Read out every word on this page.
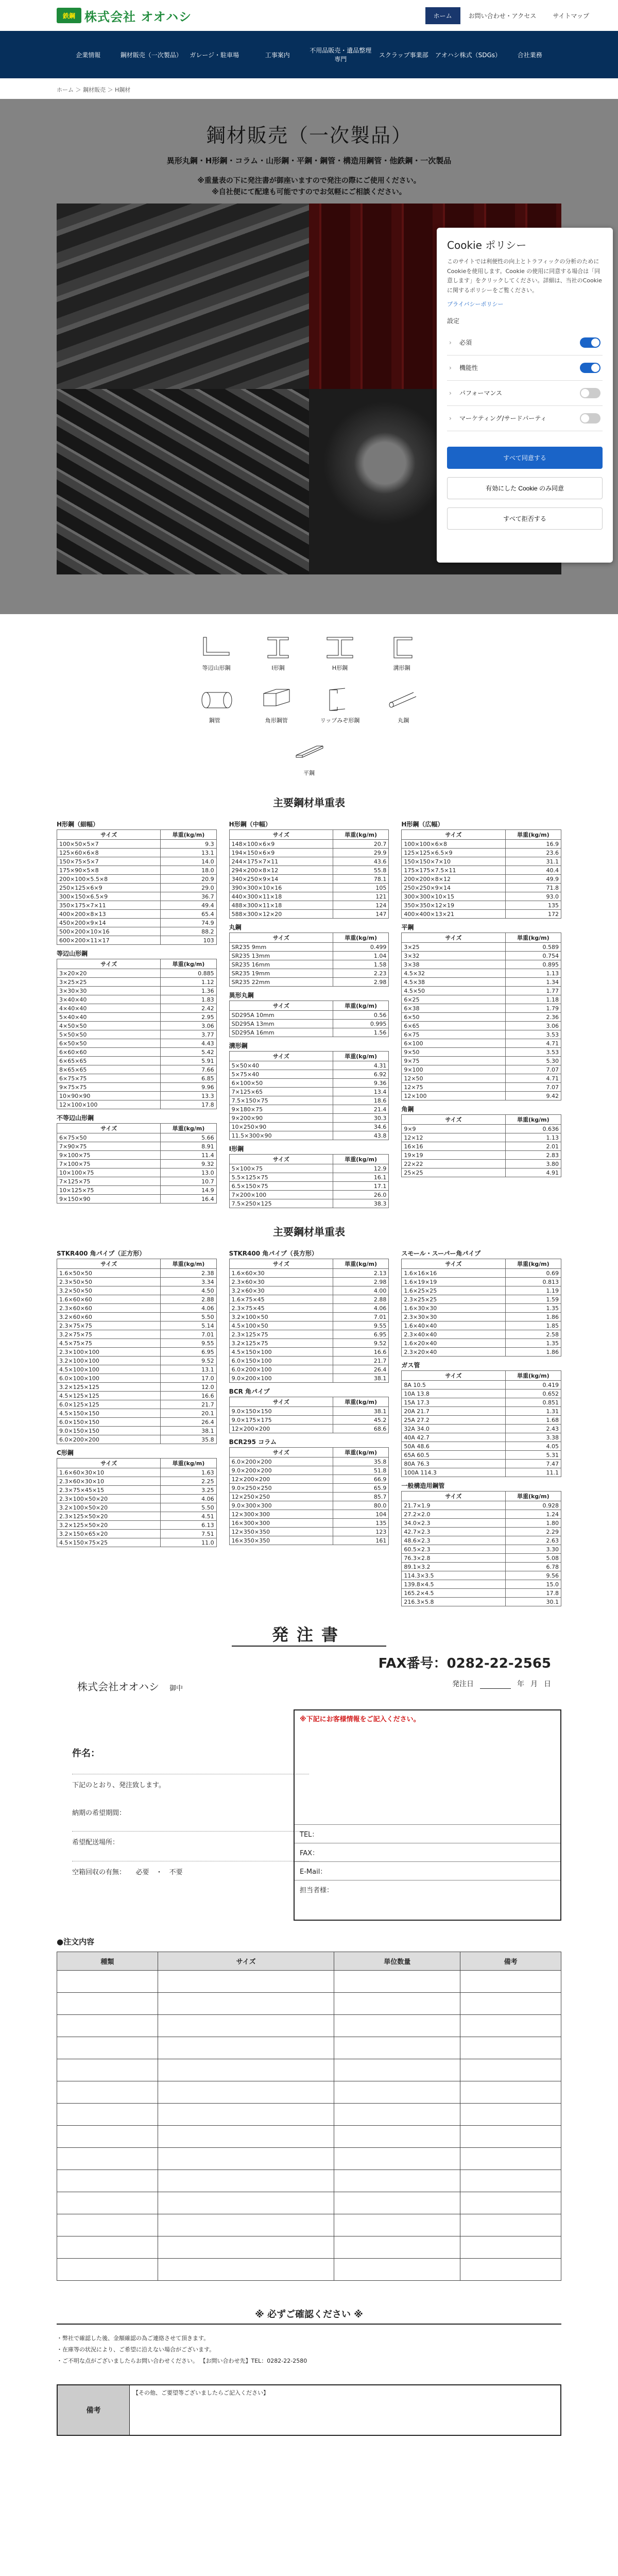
鉄鋼 株式会社 オオハシ	ホーム	お問い合わせ・アクセス	サイトマップ
企業情報	鋼材販売（一次製品）	ガレージ・駐車場	工事案内
不用品販売・遺品整理専門
スクラップ事業部	アオハシ株式（SDGs）	合社業務
ホーム ＞ 鋼材販売 ＞ H鋼材
鋼材販売（一次製品）
異形丸鋼・H形鋼・コラム・山形鋼・平鋼・鋼管・構造用鋼管・他鉄鋼・一次製品
※重量表の下に発注書が御座いますので発注の際にご使用ください。
※自社便にて配達も可能ですのでお気軽にご相談ください。
Cookie ポリシー

このサイトでは利便性の向上とトラフィックの分析のためにCookieを使用します。Cookie の使用に同意する場合は「同意します」をクリックしてください。詳細は、当社のCookieに関するポリシーをご覧ください。

プライバシーポリシー
設定
›	必須
›	機能性
›	パフォーマンス
›	マーケティング/サードパーティ
すべて同意する
有効にした Cookie のみ同意
すべて拒否する
等辺山形鋼	I形鋼	H形鋼	溝形鋼
鋼管	角形鋼管	リップみぞ形鋼	丸鋼
平鋼
主要鋼材単重表
H形鋼（細幅）
サイズ	単重(kg/m)
100×50×5×7	9.3
125×60×6×8	13.1
150×75×5×7	14.0
175×90×5×8	18.0
200×100×5.5×8	20.9
250×125×6×9	29.0
300×150×6.5×9	36.7
350×175×7×11	49.4
400×200×8×13	65.4
450×200×9×14	74.9
500×200×10×16	88.2
600×200×11×17	103
等辺山形鋼
サイズ	単重(kg/m)
3×20×20	0.885
3×25×25	1.12
3×30×30	1.36
3×40×40	1.83
4×40×40	2.42
5×40×40	2.95
4×50×50	3.06
5×50×50	3.77
6×50×50	4.43
6×60×60	5.42
6×65×65	5.91
8×65×65	7.66
6×75×75	6.85
9×75×75	9.96
10×90×90	13.3
12×100×100	17.8
不等辺山形鋼
サイズ	単重(kg/m)
6×75×50	5.66
7×90×75	8.91
9×100×75	11.4
7×100×75	9.32
10×100×75	13.0
7×125×75	10.7
10×125×75	14.9
9×150×90	16.4
H形鋼（中幅）
サイズ	単重(kg/m)
148×100×6×9	20.7
194×150×6×9	29.9
244×175×7×11	43.6
294×200×8×12	55.8
340×250×9×14	78.1
390×300×10×16	105
440×300×11×18	121
488×300×11×18	124
588×300×12×20	147
丸鋼
サイズ	単重(kg/m)
SR235 9mm	0.499
SR235 13mm	1.04
SR235 16mm	1.58
SR235 19mm	2.23
SR235 22mm	2.98
異形丸鋼
サイズ	単重(kg/m)
SD295A 10mm	0.56
SD295A 13mm	0.995
SD295A 16mm	1.56
溝形鋼
サイズ	単重(kg/m)
5×50×40	4.31
5×75×40	6.92
6×100×50	9.36
7×125×65	13.4
7.5×150×75	18.6
9×180×75	21.4
9×200×90	30.3
10×250×90	34.6
11.5×300×90	43.8
I形鋼
サイズ	単重(kg/m)
5×100×75	12.9
5.5×125×75	16.1
6.5×150×75	17.1
7×200×100	26.0
7.5×250×125	38.3
H形鋼（広幅）
サイズ	単重(kg/m)
100×100×6×8	16.9
125×125×6.5×9	23.6
150×150×7×10	31.1
175×175×7.5×11	40.4
200×200×8×12	49.9
250×250×9×14	71.8
300×300×10×15	93.0
350×350×12×19	135
400×400×13×21	172
平鋼
サイズ	単重(kg/m)
3×25	0.589
3×32	0.754
3×38	0.895
4.5×32	1.13
4.5×38	1.34
4.5×50	1.77
6×25	1.18
6×38	1.79
6×50	2.36
6×65	3.06
6×75	3.53
6×100	4.71
9×50	3.53
9×75	5.30
9×100	7.07
12×50	4.71
12×75	7.07
12×100	9.42
角鋼
サイズ	単重(kg/m)
9×9	0.636
12×12	1.13
16×16	2.01
19×19	2.83
22×22	3.80
25×25	4.91
主要鋼材単重表
STKR400 角パイプ（正方形）
サイズ	単重(kg/m)
1.6×50×50	2.38
2.3×50×50	3.34
3.2×50×50	4.50
1.6×60×60	2.88
2.3×60×60	4.06
3.2×60×60	5.50
2.3×75×75	5.14
3.2×75×75	7.01
4.5×75×75	9.55
2.3×100×100	6.95
3.2×100×100	9.52
4.5×100×100	13.1
6.0×100×100	17.0
3.2×125×125	12.0
4.5×125×125	16.6
6.0×125×125	21.7
4.5×150×150	20.1
6.0×150×150	26.4
9.0×150×150	38.1
6.0×200×200	35.8
C形鋼
サイズ	単重(kg/m)
1.6×60×30×10	1.63
2.3×60×30×10	2.25
2.3×75×45×15	3.25
2.3×100×50×20	4.06
3.2×100×50×20	5.50
2.3×125×50×20	4.51
3.2×125×50×20	6.13
3.2×150×65×20	7.51
4.5×150×75×25	11.0
STKR400 角パイプ（長方形）
サイズ	単重(kg/m)
1.6×60×30	2.13
2.3×60×30	2.98
3.2×60×30	4.00
1.6×75×45	2.88
2.3×75×45	4.06
3.2×100×50	7.01
4.5×100×50	9.55
2.3×125×75	6.95
3.2×125×75	9.52
4.5×150×100	16.6
6.0×150×100	21.7
6.0×200×100	26.4
9.0×200×100	38.1
BCR 角パイプ
サイズ	単重(kg/m)
9.0×150×150	38.1
9.0×175×175	45.2
12×200×200	68.6
BCR295 コラム
サイズ	単重(kg/m)
6.0×200×200	35.8
9.0×200×200	51.8
12×200×200	66.9
9.0×250×250	65.9
12×250×250	85.7
9.0×300×300	80.0
12×300×300	104
16×300×300	135
12×350×350	123
16×350×350	161
スモール・スーパー角パイプ
サイズ	単重(kg/m)
1.6×16×16	0.69
1.6×19×19	0.813
1.6×25×25	1.19
2.3×25×25	1.59
1.6×30×30	1.35
2.3×30×30	1.86
1.6×40×40	1.85
2.3×40×40	2.58
1.6×20×40	1.35
2.3×20×40	1.86
ガス管
サイズ	単重(kg/m)
8A 10.5	0.419
10A 13.8	0.652
15A 17.3	0.851
20A 21.7	1.31
25A 27.2	1.68
32A 34.0	2.43
40A 42.7	3.38
50A 48.6	4.05
65A 60.5	5.31
80A 76.3	7.47
100A 114.3	11.1
一般構造用鋼管
サイズ	単重(kg/m)
21.7×1.9	0.928
27.2×2.0	1.24
34.0×2.3	1.80
42.7×2.3	2.29
48.6×2.3	2.63
60.5×2.3	3.30
76.3×2.8	5.08
89.1×3.2	6.78
114.3×3.5	9.56
139.8×4.5	15.0
165.2×4.5	17.8
216.3×5.8	30.1
発注書
FAX番号：0282-22-2565
株式会社オオハシ　 御中
発注日	年 月 日
件名：
下記のとおり、発注致します。
納期の希望期間：
希望配送場所：
空箱回収の有無：　　 必要　・　不要
※下記にお客様情報をご記入ください。
TEL：
FAX：
E-Mail：
担当者様：
●注文内容
種類	サイズ	単位数量	備考

※ 必ずご確認ください ※
・弊社で確認した後、金額確認の為ご連絡させて頂きます。
・在庫等の状況により、ご希望に沿えない場合がございます。
・ご不明な点がございましたらお問い合わせください。 【お問い合わせ先】TEL：0282-22-2580
備考
【その他、ご要望等ございましたらご記入ください】
